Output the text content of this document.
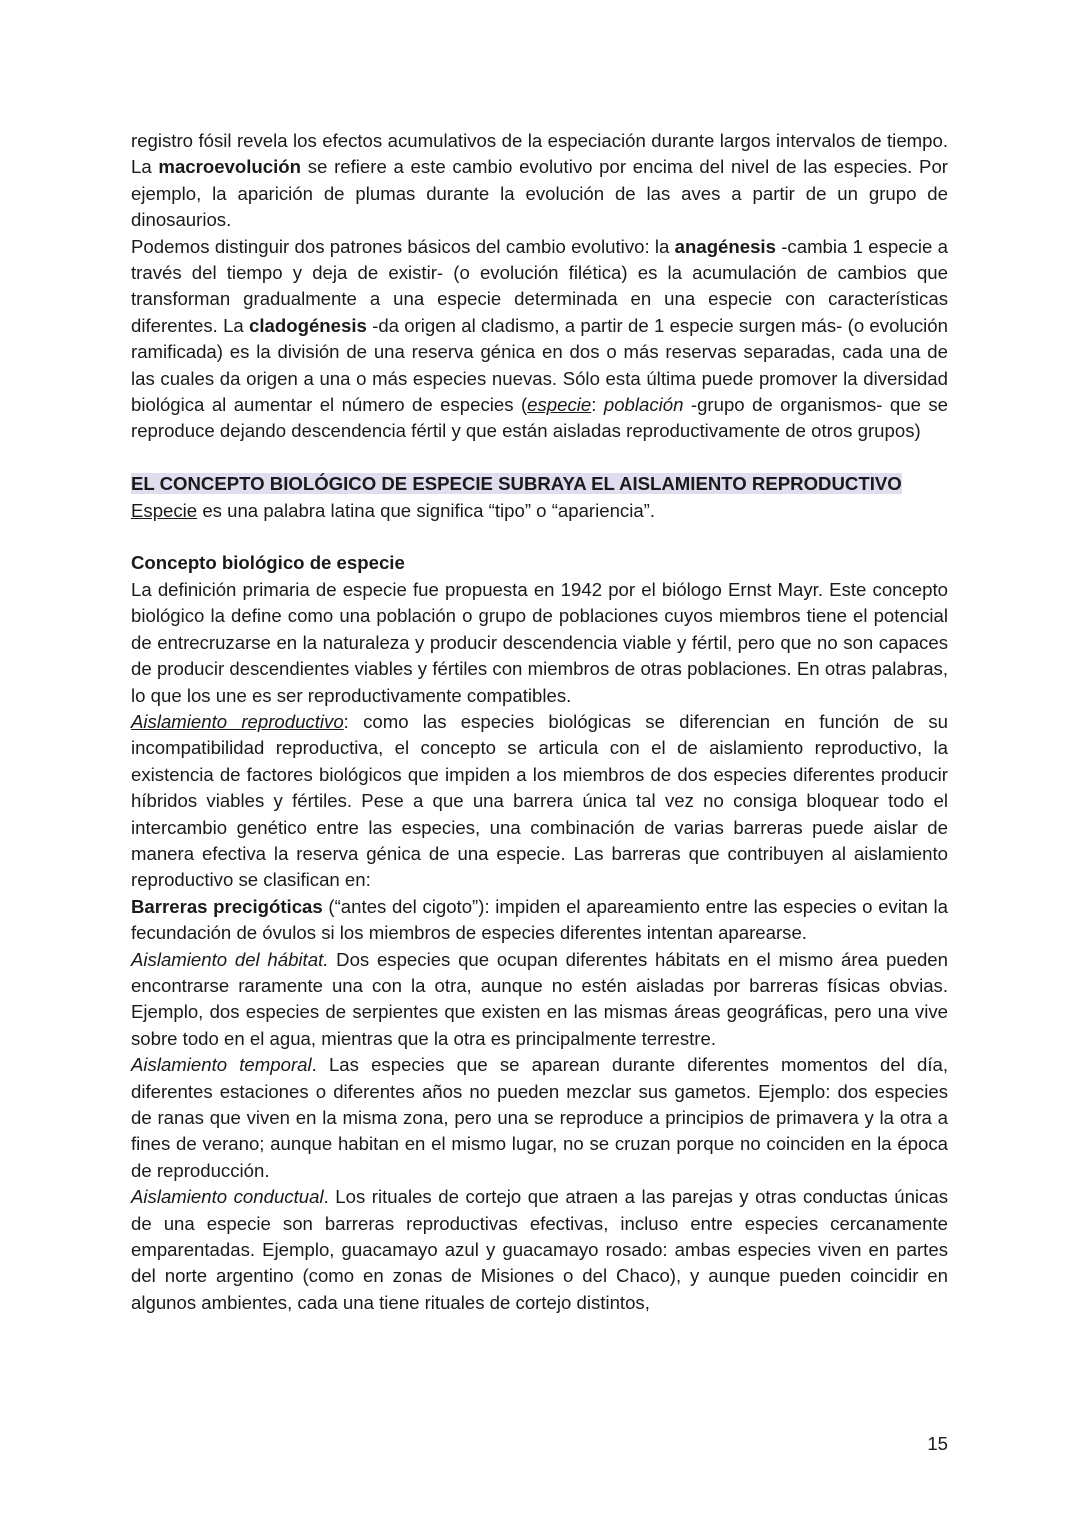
registro fósil revela los efectos acumulativos de la especiación durante largos intervalos de tiempo. La macroevolución se refiere a este cambio evolutivo por encima del nivel de las especies. Por ejemplo, la aparición de plumas durante la evolución de las aves a partir de un grupo de dinosaurios.

Podemos distinguir dos patrones básicos del cambio evolutivo: la anagénesis -cambia 1 especie a través del tiempo y deja de existir- (o evolución filética) es la acumulación de cambios que transforman gradualmente a una especie determinada en una especie con características diferentes. La cladogénesis -da origen al cladismo, a partir de 1 especie surgen más- (o evolución ramificada) es la división de una reserva génica en dos o más reservas separadas, cada una de las cuales da origen a una o más especies nuevas. Sólo esta última puede promover la diversidad biológica al aumentar el número de especies (especie: población -grupo de organismos- que se reproduce dejando descendencia fértil y que están aisladas reproductivamente de otros grupos)

EL CONCEPTO BIOLÓGICO DE ESPECIE SUBRAYA EL AISLAMIENTO REPRODUCTIVO

Especie es una palabra latina que significa “tipo” o “apariencia”.

Concepto biológico de especie

La definición primaria de especie fue propuesta en 1942 por el biólogo Ernst Mayr. Este concepto biológico la define como una población o grupo de poblaciones cuyos miembros tiene el potencial de entrecruzarse en la naturaleza y producir descendencia viable y fértil, pero que no son capaces de producir descendientes viables y fértiles con miembros de otras poblaciones. En otras palabras, lo que los une es ser reproductivamente compatibles.

Aislamiento reproductivo: como las especies biológicas se diferencian en función de su incompatibilidad reproductiva, el concepto se articula con el de aislamiento reproductivo, la existencia de factores biológicos que impiden a los miembros de dos especies diferentes producir híbridos viables y fértiles. Pese a que una barrera única tal vez no consiga bloquear todo el intercambio genético entre las especies, una combinación de varias barreras puede aislar de manera efectiva la reserva génica de una especie. Las barreras que contribuyen al aislamiento reproductivo se clasifican en:

Barreras precigóticas (“antes del cigoto”): impiden el apareamiento entre las especies o evitan la fecundación de óvulos si los miembros de especies diferentes intentan aparearse.

Aislamiento del hábitat. Dos especies que ocupan diferentes hábitats en el mismo área pueden encontrarse raramente una con la otra, aunque no estén aisladas por barreras físicas obvias. Ejemplo, dos especies de serpientes que existen en las mismas áreas geográficas, pero una vive sobre todo en el agua, mientras que la otra es principalmente terrestre.

Aislamiento temporal. Las especies que se aparean durante diferentes momentos del día, diferentes estaciones o diferentes años no pueden mezclar sus gametos. Ejemplo: dos especies de ranas que viven en la misma zona, pero una se reproduce a principios de primavera y la otra a fines de verano; aunque habitan en el mismo lugar, no se cruzan porque no coinciden en la época de reproducción.

Aislamiento conductual. Los rituales de cortejo que atraen a las parejas y otras conductas únicas de una especie son barreras reproductivas efectivas, incluso entre especies cercanamente emparentadas. Ejemplo, guacamayo azul y guacamayo rosado: ambas especies viven en partes del norte argentino (como en zonas de Misiones o del Chaco), y aunque pueden coincidir en algunos ambientes, cada una tiene rituales de cortejo distintos,

15
